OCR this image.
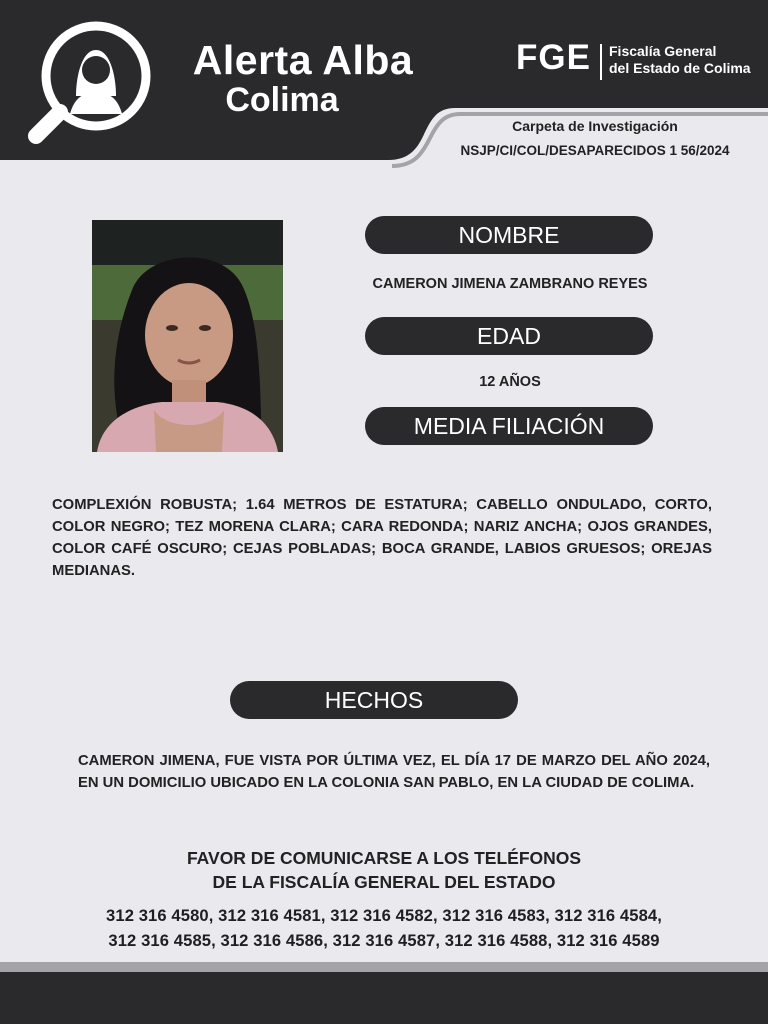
Alerta Alba
Colima
FGE Fiscalía General
del Estado de Colima
Carpeta de Investigación
NSJP/CI/COL/DESAPARECIDOS 1 56/2024
NOMBRE
CAMERON JIMENA ZAMBRANO REYES
EDAD
12 AÑOS
MEDIA FILIACIÓN
COMPLEXIÓN ROBUSTA; 1.64 METROS DE ESTATURA; CABELLO ONDULADO, CORTO, COLOR NEGRO; TEZ MORENA CLARA; CARA REDONDA; NARIZ ANCHA; OJOS GRANDES, COLOR CAFÉ OSCURO; CEJAS POBLADAS; BOCA GRANDE, LABIOS GRUESOS; OREJAS MEDIANAS.
HECHOS
CAMERON JIMENA, FUE VISTA POR ÚLTIMA VEZ, EL DÍA 17 DE MARZO DEL AÑO 2024, EN UN DOMICILIO UBICADO EN LA COLONIA SAN PABLO, EN LA CIUDAD DE COLIMA.
FAVOR DE COMUNICARSE A LOS TELÉFONOS
DE LA FISCALÍA GENERAL DEL ESTADO
312 316 4580, 312 316 4581, 312 316 4582, 312 316 4583, 312 316 4584,
312 316 4585, 312 316 4586, 312 316 4587, 312 316 4588, 312 316 4589
